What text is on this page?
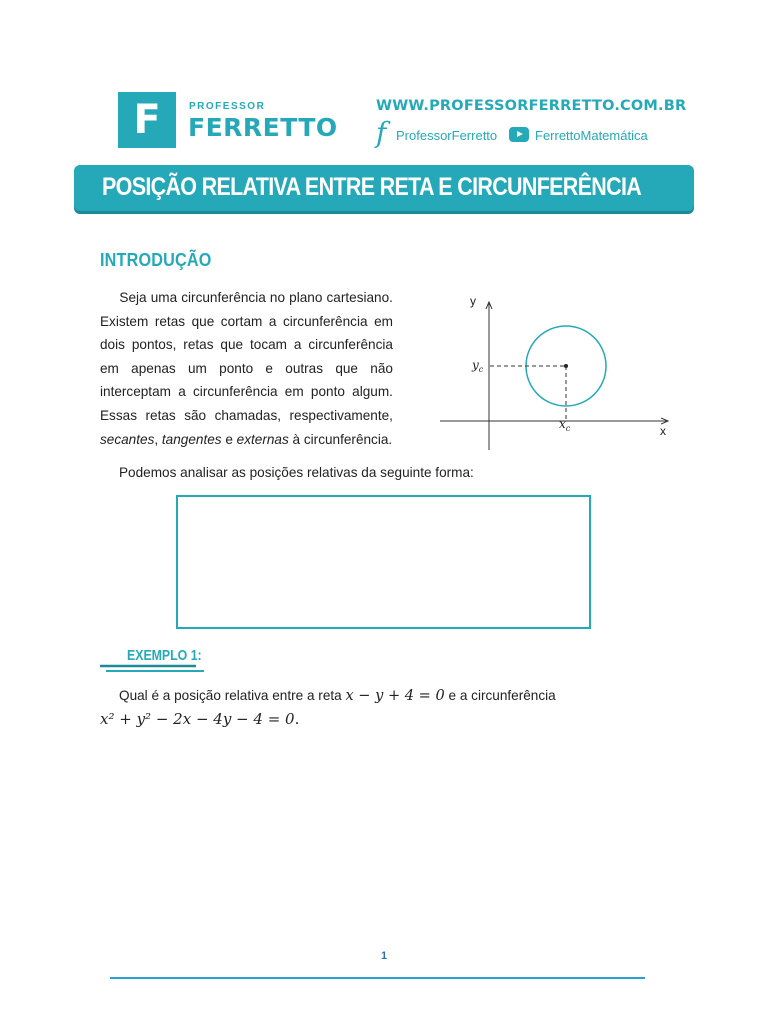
F	PROFESSOR
FERRETTO
WWW.PROFESSORFERRETTO.COM.BR
f ProfessorFerretto	FerrettoMatemática
POSIÇÃO RELATIVA ENTRE RETA E CIRCUNFERÊNCIA
INTRODUÇÃO
Seja uma circunferência no plano cartesiano. Existem retas que cortam a circunferência em dois pontos, retas que tocam a circunferência em apenas um ponto e outras que não interceptam a circunferência em ponto algum. Essas retas são chamadas, respectivamente, secantes, tangentes e externas à circunferência.
y
x
$y_c$
$x_c$
Podemos analisar as posições relativas da seguinte forma:
EXEMPLO 1:
Qual é a posição relativa entre a reta x − y + 4 = 0 e a circunferência
x² + y² − 2x − 4y − 4 = 0.
1
